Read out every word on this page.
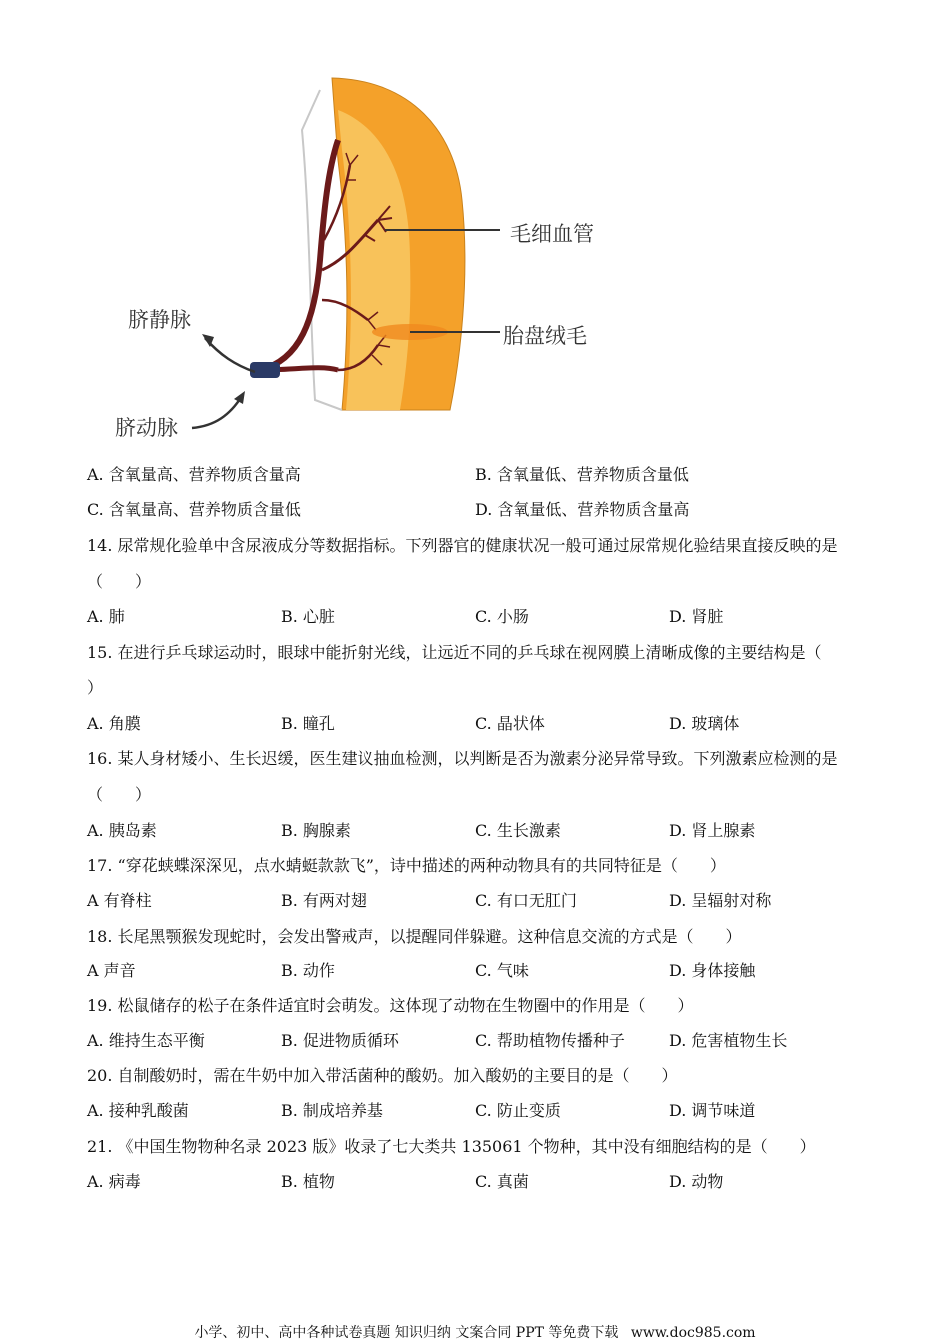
毛细血管
胎盘绒毛
脐静脉
脐动脉
A. 含氧量高、营养物质含量高	B. 含氧量低、营养物质含量低
C. 含氧量高、营养物质含量低	D. 含氧量低、营养物质含量高
14. 尿常规化验单中含尿液成分等数据指标。下列器官的健康状况一般可通过尿常规化验结果直接反映的是
（　　）
A. 肺	B. 心脏	C. 小肠	D. 肾脏
15. 在进行乒乓球运动时，眼球中能折射光线，让远近不同的乒乓球在视网膜上清晰成像的主要结构是（
）
A. 角膜	B. 瞳孔	C. 晶状体	D. 玻璃体
16. 某人身材矮小、生长迟缓，医生建议抽血检测，以判断是否为激素分泌异常导致。下列激素应检测的是
（　　）
A. 胰岛素	B. 胸腺素	C. 生长激素	D. 肾上腺素
17. “穿花蛱蝶深深见，点水蜻蜓款款飞”，诗中描述的两种动物具有的共同特征是（　　）
A 有脊柱	B. 有两对翅	C. 有口无肛门	D. 呈辐射对称
18. 长尾黑颚猴发现蛇时，会发出警戒声，以提醒同伴躲避。这种信息交流的方式是（　　）
A 声音	B. 动作	C. 气味	D. 身体接触
19. 松鼠储存的松子在条件适宜时会萌发。这体现了动物在生物圈中的作用是（　　）
A. 维持生态平衡	B. 促进物质循环	C. 帮助植物传播种子	D. 危害植物生长
20. 自制酸奶时，需在牛奶中加入带活菌种的酸奶。加入酸奶的主要目的是（　　）
A. 接种乳酸菌	B. 制成培养基	C. 防止变质	D. 调节味道
21. 《中国生物物种名录 2023 版》收录了七大类共 135061 个物种，其中没有细胞结构的是（　　）
A. 病毒	B. 植物	C. 真菌	D. 动物
小学、初中、高中各种试卷真题 知识归纳 文案合同 PPT 等免费下载 www.doc985.com
